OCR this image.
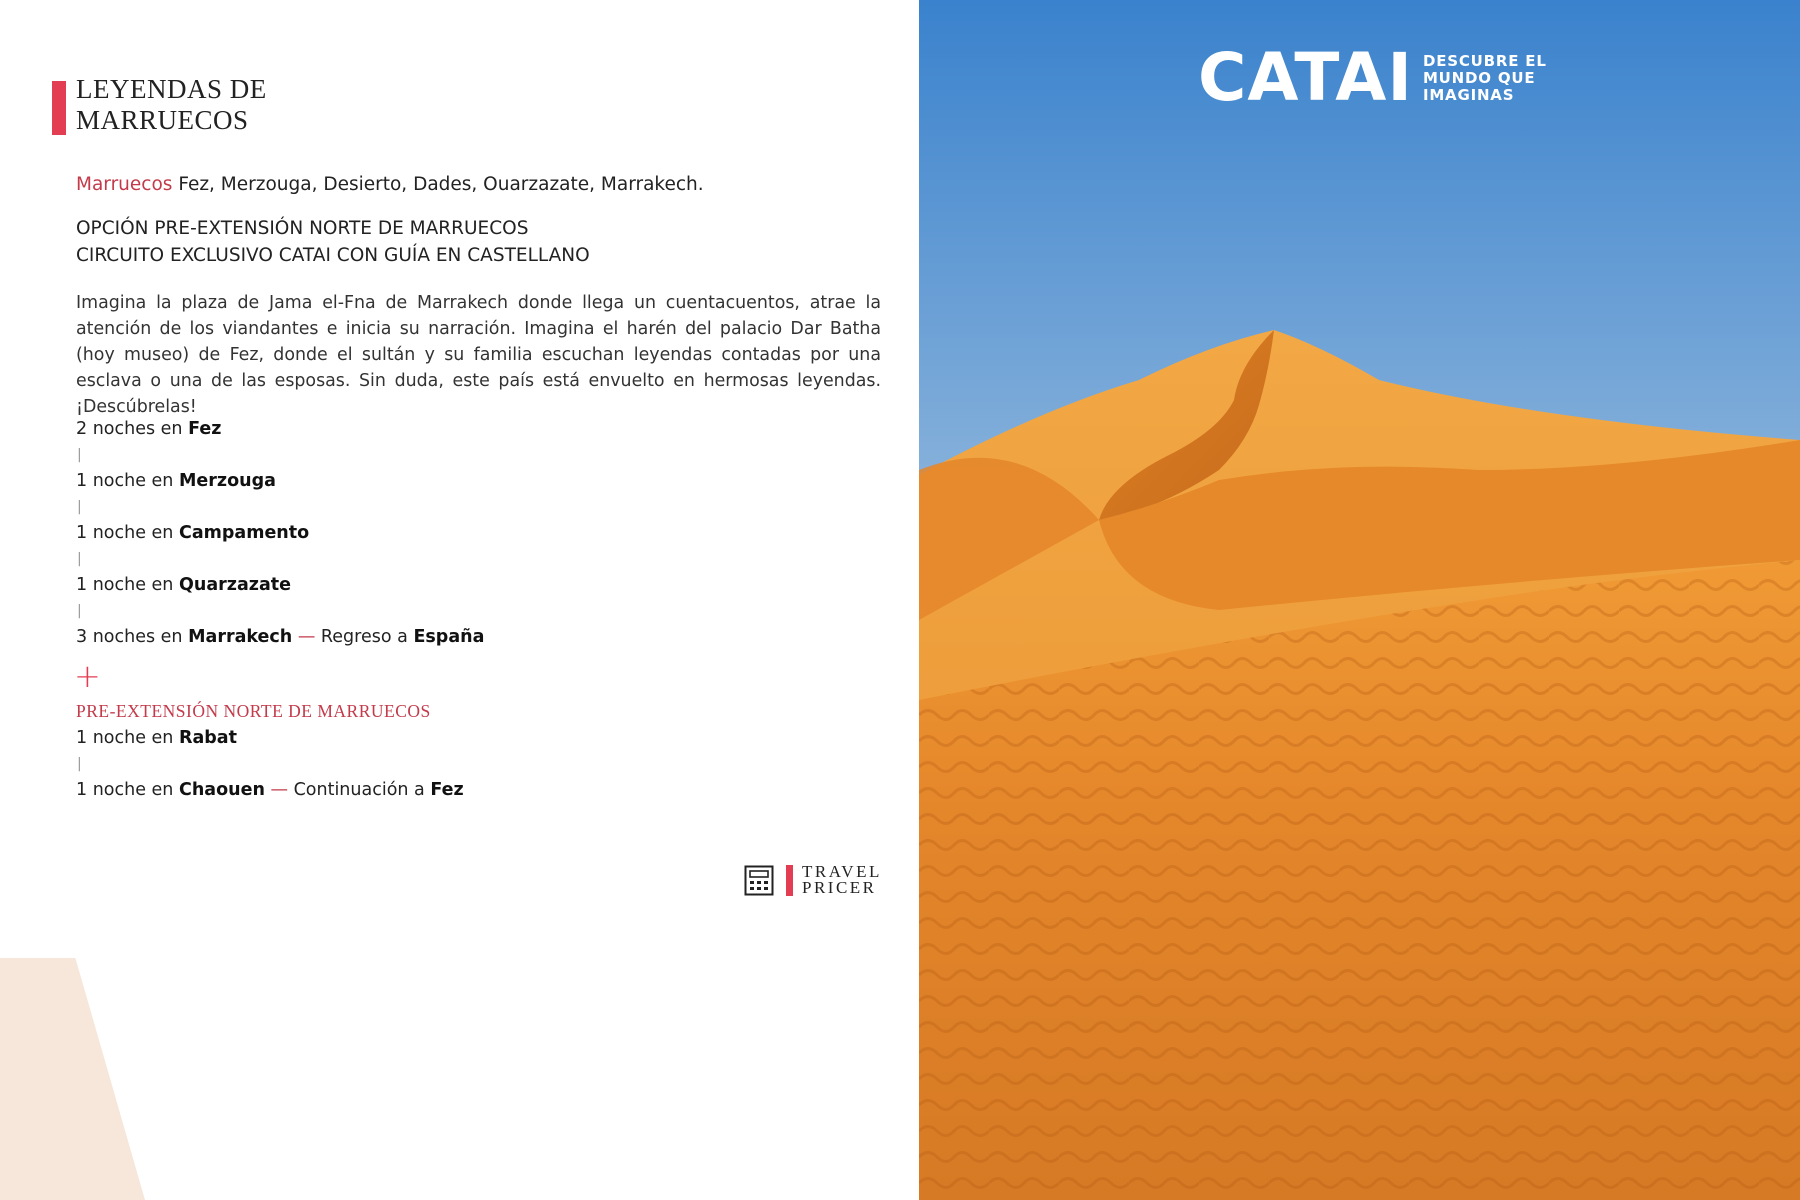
LEYENDAS DE
MARRUECOS
Marruecos Fez, Merzouga, Desierto, Dades, Ouarzazate, Marrakech.
OPCIÓN PRE-EXTENSIÓN NORTE DE MARRUECOS
CIRCUITO EXCLUSIVO CATAI CON GUÍA EN CASTELLANO

Imagina la plaza de Jama el-Fna de Marrakech donde llega un cuentacuentos, atrae la atención de los viandantes e inicia su narración. Imagina el harén del palacio Dar Batha (hoy museo) de Fez, donde el sultán y su familia escuchan leyendas contadas por una esclava o una de las esposas. Sin duda, este país está envuelto en hermosas leyendas. ¡Descúbrelas!

2 noches en Fez
|
1 noche en Merzouga
|
1 noche en Campamento
|
1 noche en Quarzazate
|
3 noches en Marrakech — Regreso a España
+
PRE-EXTENSIÓN NORTE DE MARRUECOS
1 noche en Rabat
|
1 noche en Chaouen — Continuación a Fez
TRAVEL
PRICER
CATAI DESCUBRE EL
MUNDO QUE
IMAGINAS
